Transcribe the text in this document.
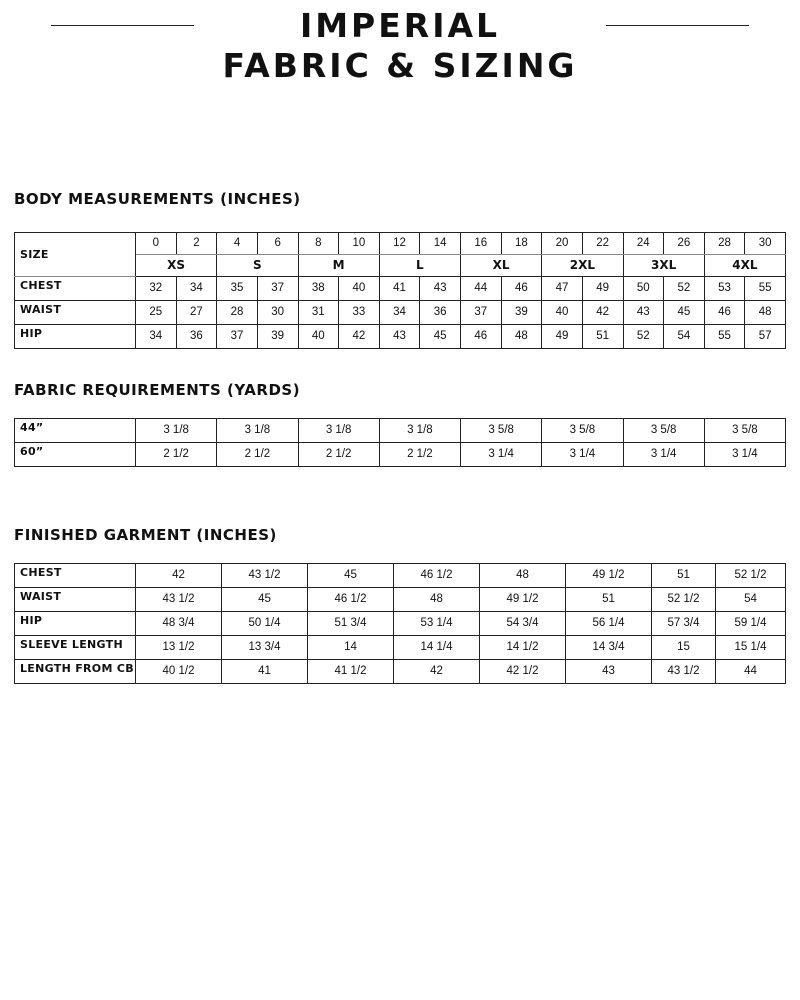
IMPERIAL
FABRIC & SIZING
BODY MEASUREMENTS (INCHES)
SIZE	0	2	4	6	8	10	12	14	16	18	20	22	24	26	28	30
	XS		S		M		L		XL		2XL		3XL		4XL	
CHEST	32	34	35	37	38	40	41	43	44	46	47	49	50	52	53	55
WAIST	25	27	28	30	31	33	34	36	37	39	40	42	43	45	46	48
HIP	34	36	37	39	40	42	43	45	46	48	49	51	52	54	55	57
FABRIC REQUIREMENTS (YARDS)
44”	3 1/8	3 1/8	3 1/8	3 1/8	3 5/8	3 5/8	3 5/8	3 5/8
60”	2 1/2	2 1/2	2 1/2	2 1/2	3 1/4	3 1/4	3 1/4	3 1/4
FINISHED GARMENT (INCHES)
CHEST	42	43 1/2	45	46 1/2	48	49 1/2	51	52 1/2
WAIST	43 1/2	45	46 1/2	48	49 1/2	51	52 1/2	54
HIP	48 3/4	50 1/4	51 3/4	53 1/4	54 3/4	56 1/4	57 3/4	59 1/4
SLEEVE LENGTH	13 1/2	13 3/4	14	14 1/4	14 1/2	14 3/4	15	15 1/4
LENGTH FROM CB	40 1/2	41	41 1/2	42	42 1/2	43	43 1/2	44
